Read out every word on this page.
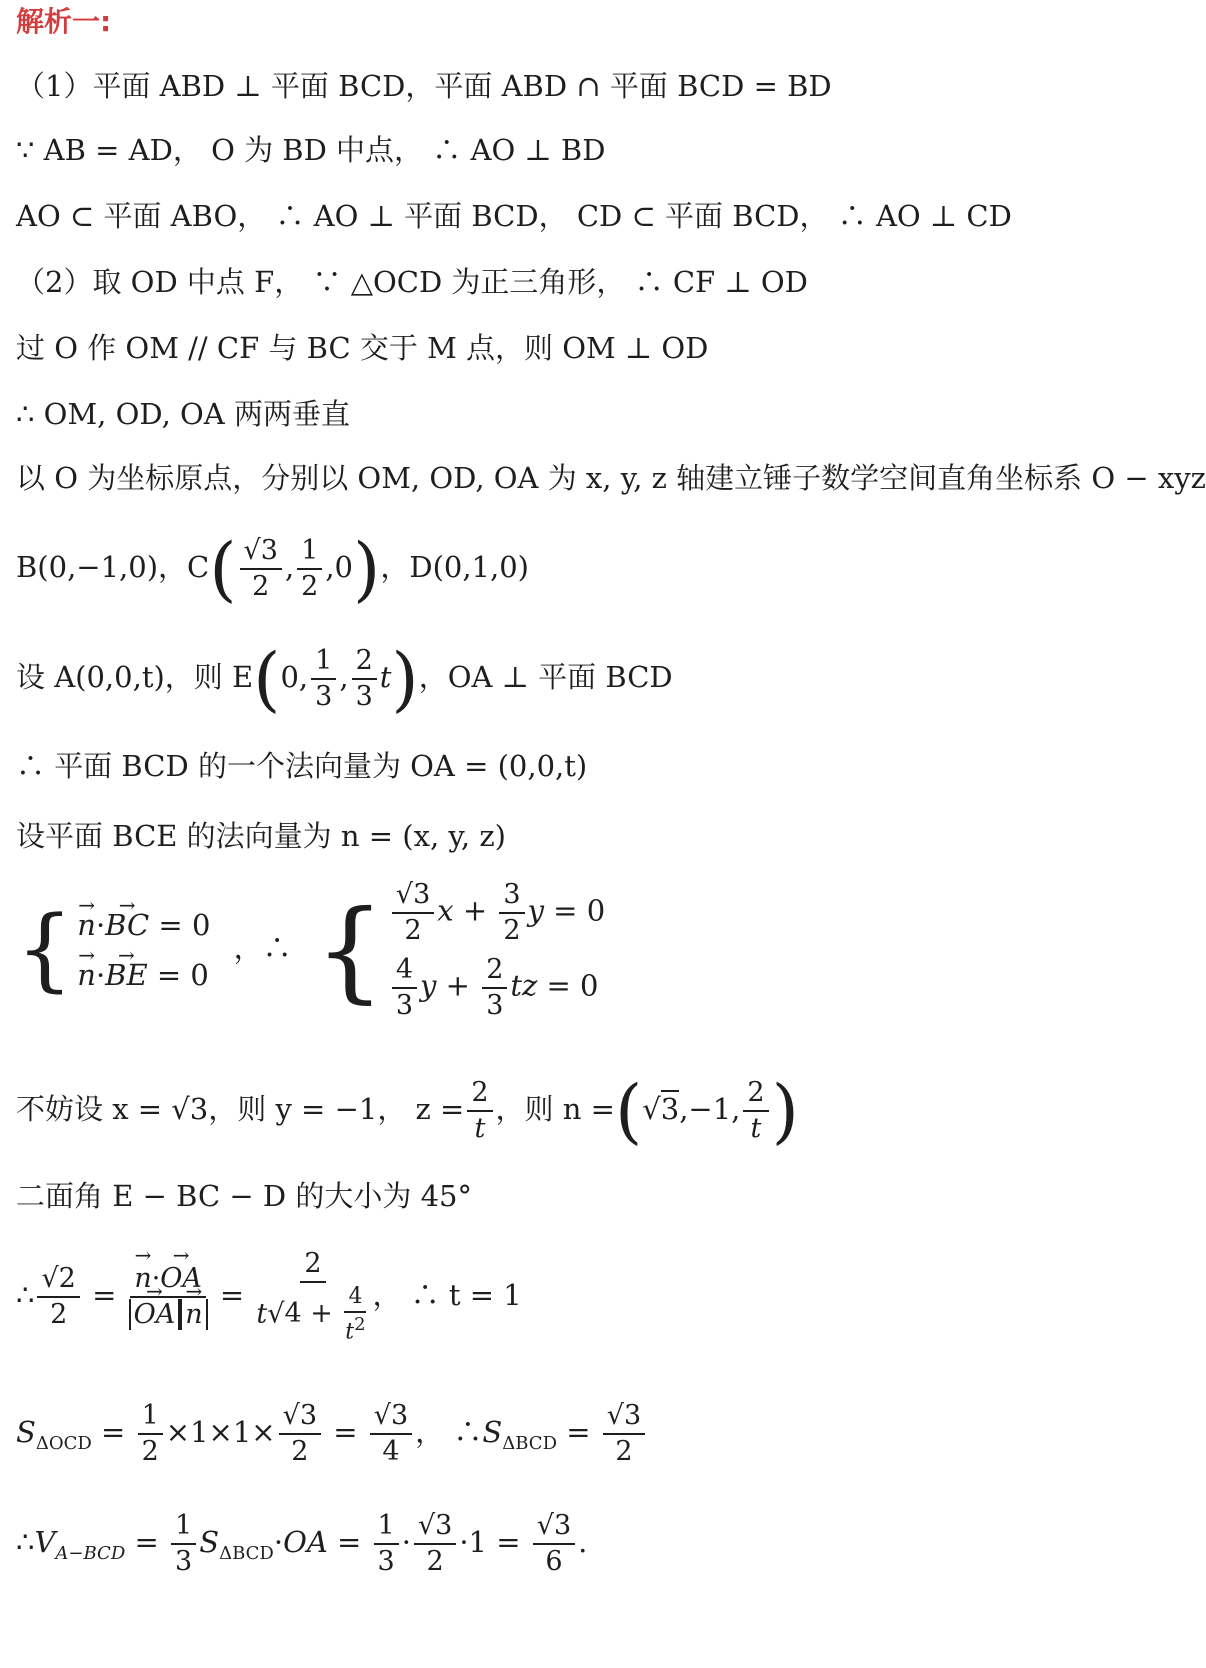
解析一:
（1）平面 ABD ⊥ 平面 BCD，平面 ABD ∩ 平面 BCD = BD
∵ AB = AD， O 为 BD 中点， ∴ AO ⊥ BD
AO ⊂ 平面 ABO， ∴ AO ⊥ 平面 BCD， CD ⊂ 平面 BCD， ∴ AO ⊥ CD
（2）取 OD 中点 F， ∵ △OCD 为正三角形， ∴ CF ⊥ OD
过 O 作 OM // CF 与 BC 交于 M 点，则 OM ⊥ OD
∴ OM, OD, OA 两两垂直
以 O 为坐标原点，分别以 OM, OD, OA 为 x, y, z 轴建立锤子数学空间直角坐标系 O − xyz
B(0,−1,0)，$C( \frac{√3}{2}$ , $\frac{1}{2} ,0$)，D(0,1,0)
设 A(0,0,t)，则 E(0, $\frac{1}{3}$ , $\frac{2}{3} t$)，OA ⊥ 平面 BCD
∴ 平面 BCD 的一个法向量为 OA = (0,0,t)
设平面 BCE 的法向量为 n = (x, y, z)
{
→ n·→ BC = 0
→ n·→ BE = 0
，∴ { $\frac{√3}{2}$ $x + \frac{3}{2}$ y = 0
$\frac{4}{3}$ $y + \frac{2}{3}$ tz = 0
不妨设 x = √3，则 y = −1， $z = \frac{2}{t}$ ，则 n =(√3,−1, $\frac{2}{t}$ )
二面角 E − BC − D 的大小为 45°
∴ $\frac{√2}{2}$ =
→ n·→ OA
→ $OA\to n = \frac{2}{t√4 + \frac{4}{t^2}}$ ， ∴ t = 1
$S_{\Delta OCD} = \frac{1}{2} \times 1\times 1\times \frac{√3}{2} = \frac{√3}{4}$ ， $\therefore S_{\Delta BCD} = \frac{√3}{2}$
$\therefore V_{A-BCD} = \frac{1}{3} S_{\Delta BCD}\cdot OA = \frac{1}{3} \cdot \frac{√3}{2} \cdot 1 = \frac{√3}{6}$ .
